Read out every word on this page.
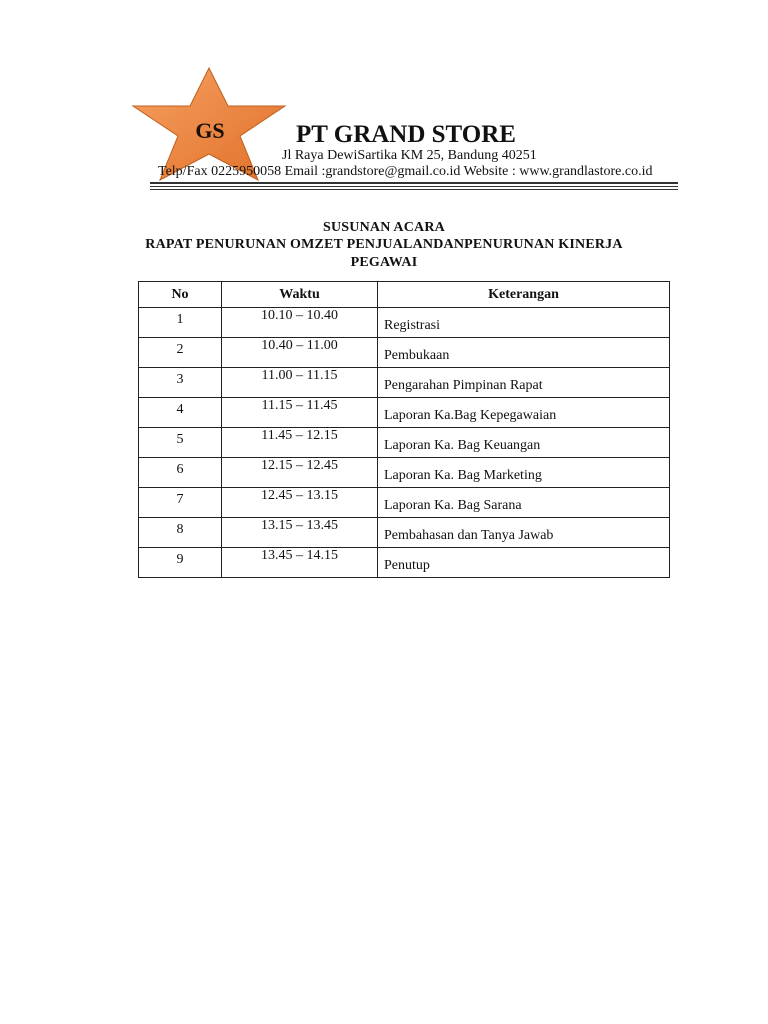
GS	PT GRAND STORE
Jl Raya DewiSartika KM 25, Bandung 40251
Telp/Fax 0225950058 Email :grandstore@gmail.co.id Website : www.grandlastore.co.id
SUSUNAN ACARA
RAPAT PENURUNAN OMZET PENJUALANDANPENURUNAN KINERJA
PEGAWAI
No	Waktu	Keterangan
1	10.10 – 10.40	Registrasi
2	10.40 – 11.00	Pembukaan
3	11.00 – 11.15	Pengarahan Pimpinan Rapat
4	11.15 – 11.45	Laporan Ka.Bag Kepegawaian
5	11.45 – 12.15	Laporan Ka. Bag Keuangan
6	12.15 – 12.45	Laporan Ka. Bag Marketing
7	12.45 – 13.15	Laporan Ka. Bag Sarana
8	13.15 – 13.45	Pembahasan dan Tanya Jawab
9	13.45 – 14.15	Penutup
